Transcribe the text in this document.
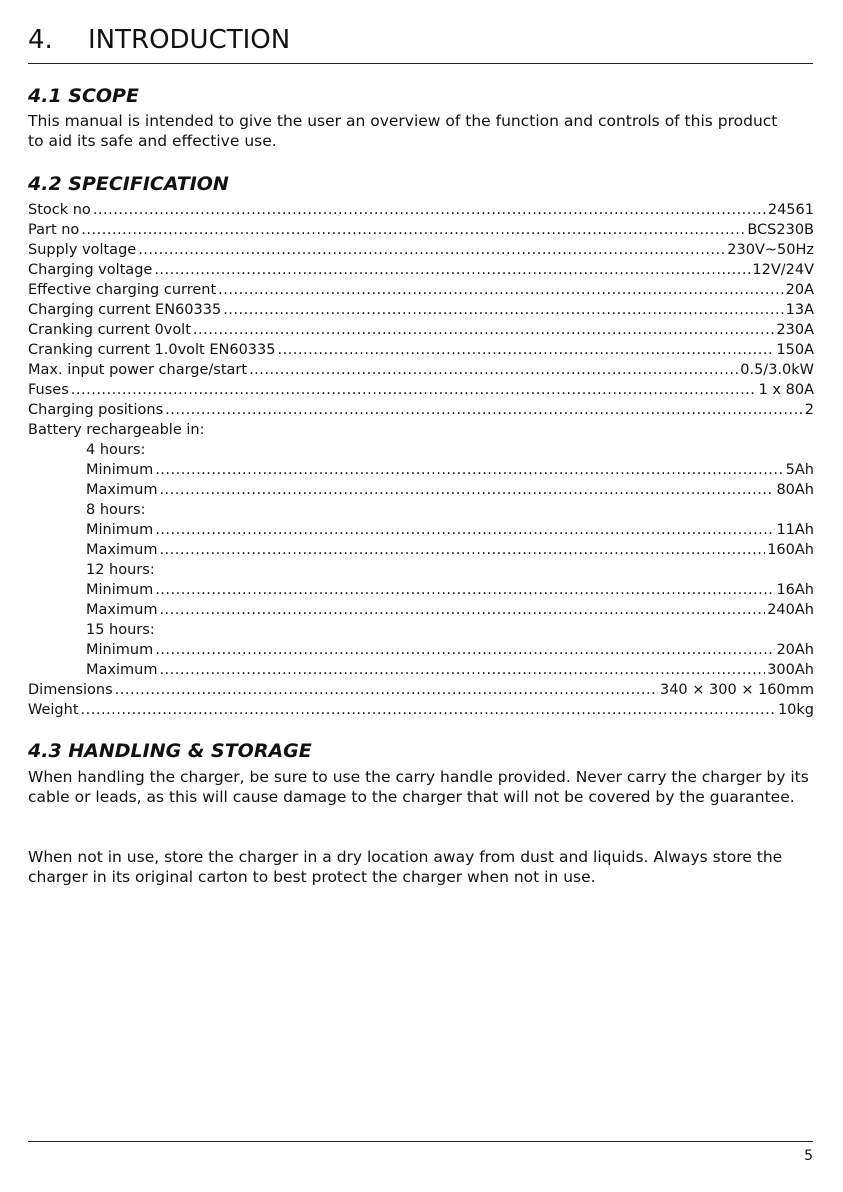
4. INTRODUCTION
4.1 SCOPE

This manual is intended to give the user an overview of the function and controls of this product to aid its safe and effective use.

4.2 SPECIFICATION
Stock no .....	24561
Part no .....	BCS230B
Supply voltage .....	230V~50Hz
Charging voltage .....	12V/24V
Effective charging current .....	20A
Charging current EN60335 .....	13A
Cranking current 0volt .....	230A
Cranking current 1.0volt EN60335 .....	150A
Max. input power charge/start .....	0.5/3.0kW
Fuses .....	1 x 80A
Charging positions .....	2
Battery rechargeable in:
4 hours:
Minimum .....	5Ah
Maximum .....	80Ah
8 hours:
Minimum .....	11Ah
Maximum .....	160Ah
12 hours:
Minimum .....	16Ah
Maximum .....	240Ah
15 hours:
Minimum .....	20Ah
Maximum .....	300Ah
Dimensions .....	340 × 300 × 160mm
Weight .....	10kg
4.3 HANDLING & STORAGE

When handling the charger, be sure to use the carry handle provided. Never carry the charger by its cable or leads, as this will cause damage to the charger that will not be covered by the guarantee.

When not in use, store the charger in a dry location away from dust and liquids. Always store the charger in its original carton to best protect the charger when not in use.

5
